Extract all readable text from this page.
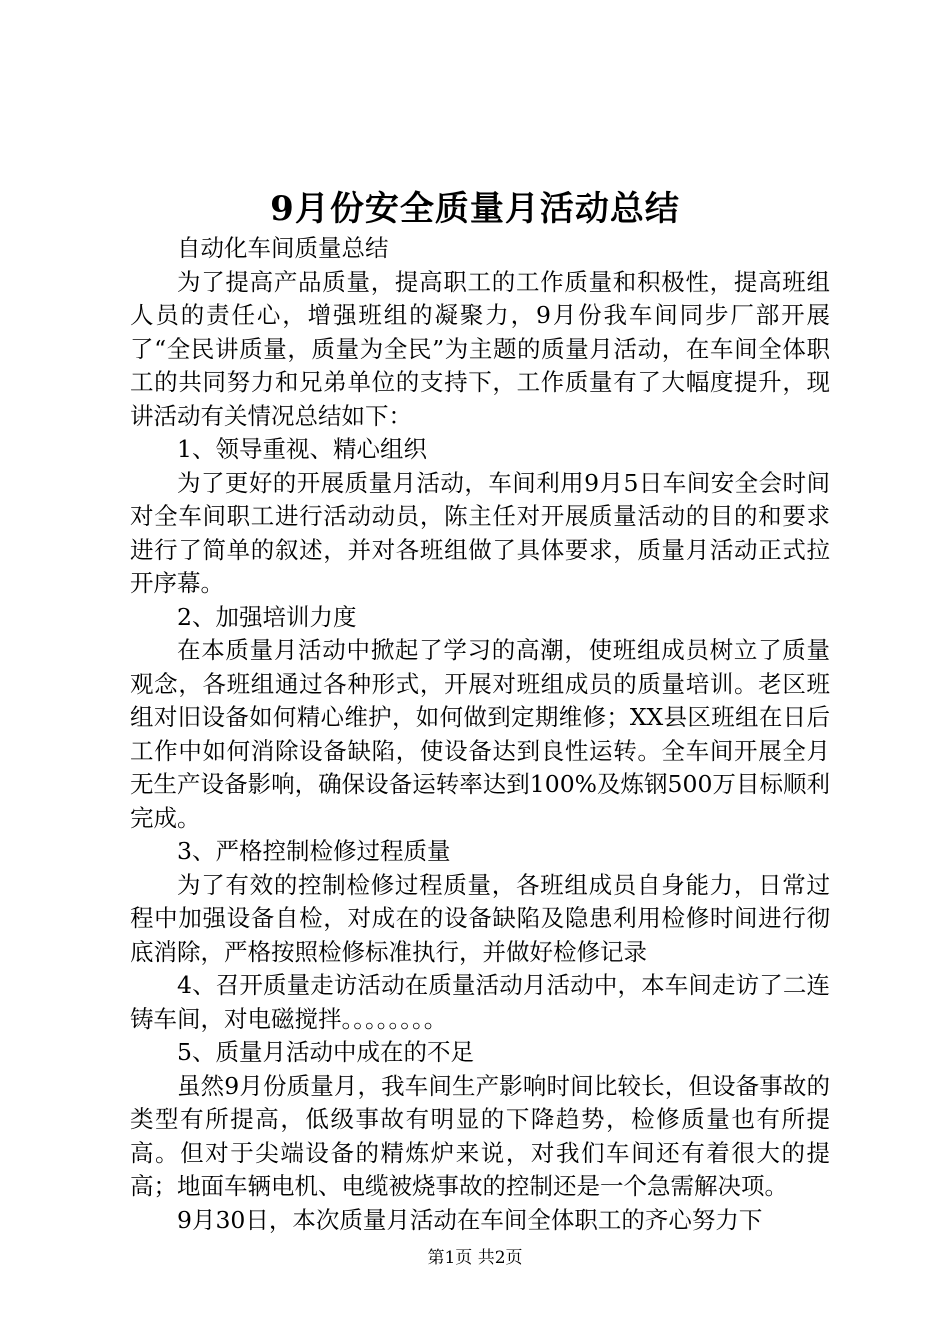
9月份安全质量月活动总结

自动化车间质量总结

为了提高产品质量，提高职工的工作质量和积极性，提高班组人员的责任心，增强班组的凝聚力，9月份我车间同步厂部开展了“全民讲质量，质量为全民”为主题的质量月活动，在车间全体职工的共同努力和兄弟单位的支持下，工作质量有了大幅度提升，现讲活动有关情况总结如下：

1、领导重视、精心组织

为了更好的开展质量月活动，车间利用9月5日车间安全会时间对全车间职工进行活动动员，陈主任对开展质量活动的目的和要求进行了简单的叙述，并对各班组做了具体要求，质量月活动正式拉开序幕。

2、加强培训力度

在本质量月活动中掀起了学习的高潮，使班组成员树立了质量观念，各班组通过各种形式，开展对班组成员的质量培训。老区班组对旧设备如何精心维护，如何做到定期维修；XX县区班组在日后工作中如何消除设备缺陷，使设备达到良性运转。全车间开展全月无生产设备影响，确保设备运转率达到100%及炼钢500万目标顺利完成。

3、严格控制检修过程质量

为了有效的控制检修过程质量，各班组成员自身能力，日常过程中加强设备自检，对成在的设备缺陷及隐患利用检修时间进行彻底消除，严格按照检修标准执行，并做好检修记录

4、召开质量走访活动在质量活动月活动中，本车间走访了二连铸车间，对电磁搅拌。。。。。。。。

5、质量月活动中成在的不足

虽然9月份质量月，我车间生产影响时间比较长，但设备事故的类型有所提高，低级事故有明显的下降趋势，检修质量也有所提高。但对于尖端设备的精炼炉来说，对我们车间还有着很大的提高；地面车辆电机、电缆被烧事故的控制还是一个急需解决项。

9月30日，本次质量月活动在车间全体职工的齐心努力下

第1页 共2页
